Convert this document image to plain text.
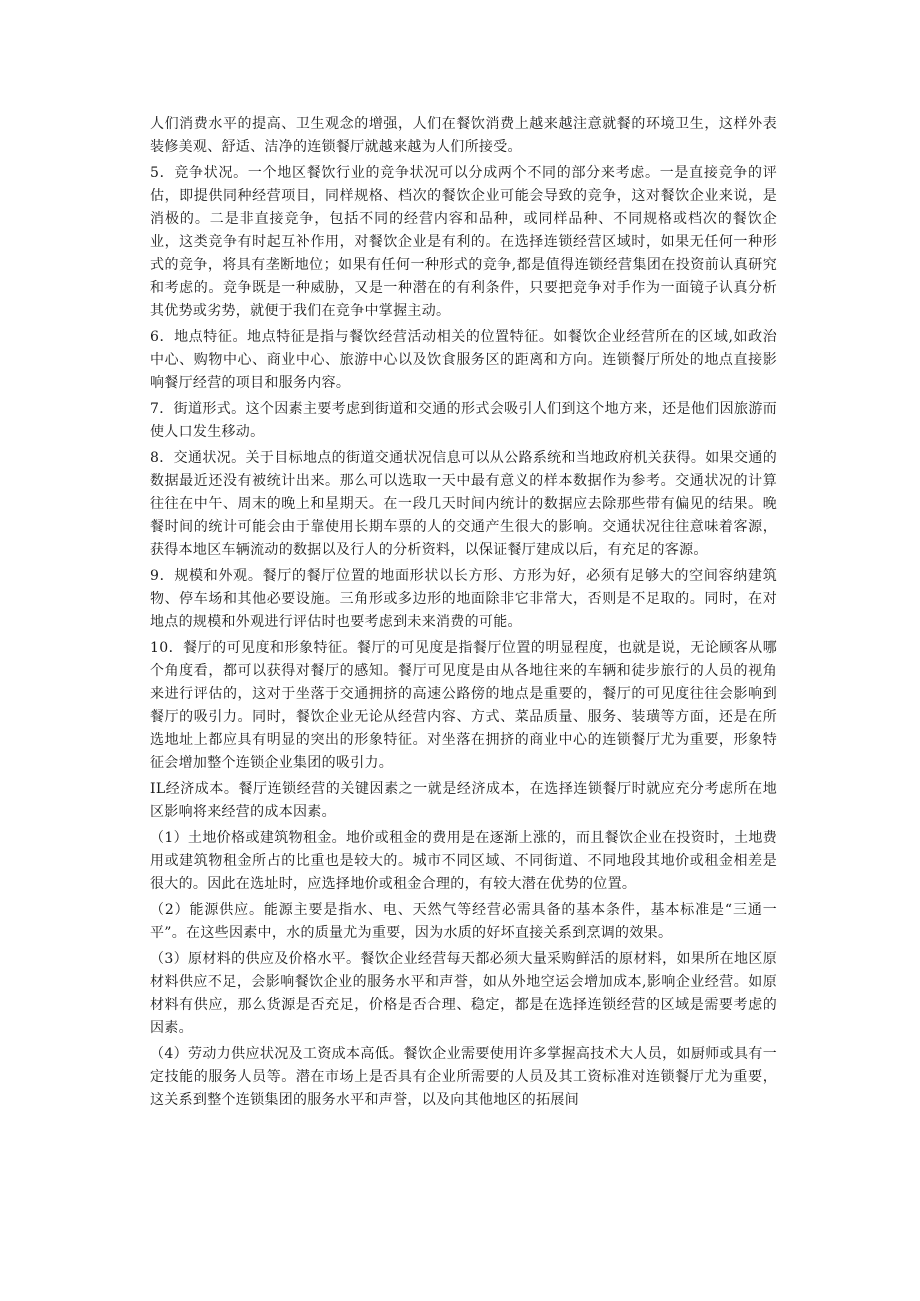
人们消费水平的提高、卫生观念的增强，人们在餐饮消费上越来越注意就餐的环境卫生，这样外表装修美观、舒适、洁净的连锁餐厅就越来越为人们所接受。

5．竞争状况。一个地区餐饮行业的竞争状况可以分成两个不同的部分来考虑。一是直接竞争的评估，即提供同种经营项目，同样规格、档次的餐饮企业可能会导致的竞争，这对餐饮企业来说，是消极的。二是非直接竞争，包括不同的经营内容和品种，或同样品种、不同规格或档次的餐饮企业，这类竞争有时起互补作用，对餐饮企业是有利的。在选择连锁经营区域时，如果无任何一种形式的竞争，将具有垄断地位；如果有任何一种形式的竞争,都是值得连锁经营集团在投资前认真研究和考虑的。竞争既是一种威胁，又是一种潜在的有利条件，只要把竞争对手作为一面镜子认真分析其优势或劣势，就便于我们在竞争中掌握主动。

6．地点特征。地点特征是指与餐饮经营活动相关的位置特征。如餐饮企业经营所在的区域,如政治中心、购物中心、商业中心、旅游中心以及饮食服务区的距离和方向。连锁餐厅所处的地点直接影响餐厅经营的项目和服务内容。

7．街道形式。这个因素主要考虑到街道和交通的形式会吸引人们到这个地方来，还是他们因旅游而使人口发生移动。

8．交通状况。关于目标地点的街道交通状况信息可以从公路系统和当地政府机关获得。如果交通的数据最近还没有被统计出来。那么可以选取一天中最有意义的样本数据作为参考。交通状况的计算往往在中午、周末的晚上和星期天。在一段几天时间内统计的数据应去除那些带有偏见的结果。晚餐时间的统计可能会由于靠使用长期车票的人的交通产生很大的影响。交通状况往往意味着客源，获得本地区车辆流动的数据以及行人的分析资料，以保证餐厅建成以后，有充足的客源。

9．规模和外观。餐厅的餐厅位置的地面形状以长方形、方形为好，必须有足够大的空间容纳建筑物、停车场和其他必要设施。三角形或多边形的地面除非它非常大，否则是不足取的。同时，在对地点的规模和外观进行评估时也要考虑到未来消费的可能。

10．餐厅的可见度和形象特征。餐厅的可见度是指餐厅位置的明显程度，也就是说，无论顾客从哪个角度看，都可以获得对餐厅的感知。餐厅可见度是由从各地往来的车辆和徒步旅行的人员的视角来进行评估的，这对于坐落于交通拥挤的高速公路傍的地点是重要的，餐厅的可见度往往会影响到餐厅的吸引力。同时，餐饮企业无论从经营内容、方式、菜品质量、服务、装璜等方面，还是在所选地址上都应具有明显的突出的形象特征。对坐落在拥挤的商业中心的连锁餐厅尤为重要，形象特征会增加整个连锁企业集团的吸引力。

IL经济成本。餐厅连锁经营的关键因素之一就是经济成本，在选择连锁餐厅时就应充分考虑所在地区影响将来经营的成本因素。

（1）土地价格或建筑物租金。地价或租金的费用是在逐渐上涨的，而且餐饮企业在投资时，土地费用或建筑物租金所占的比重也是较大的。城市不同区域、不同街道、不同地段其地价或租金相差是很大的。因此在选址时，应选择地价或租金合理的，有较大潜在优势的位置。

（2）能源供应。能源主要是指水、电、天然气等经营必需具备的基本条件，基本标准是“三通一平”。在这些因素中，水的质量尤为重要，因为水质的好坏直接关系到烹调的效果。

（3）原材料的供应及价格水平。餐饮企业经营每天都必须大量采购鲜活的原材料，如果所在地区原材料供应不足，会影响餐饮企业的服务水平和声誉，如从外地空运会增加成本,影响企业经营。如原材料有供应，那么货源是否充足，价格是否合理、稳定，都是在选择连锁经营的区域是需要考虑的因素。

（4）劳动力供应状况及工资成本高低。餐饮企业需要使用许多掌握高技术大人员，如厨师或具有一定技能的服务人员等。潜在市场上是否具有企业所需要的人员及其工资标准对连锁餐厅尤为重要，这关系到整个连锁集团的服务水平和声誉，以及向其他地区的拓展间
